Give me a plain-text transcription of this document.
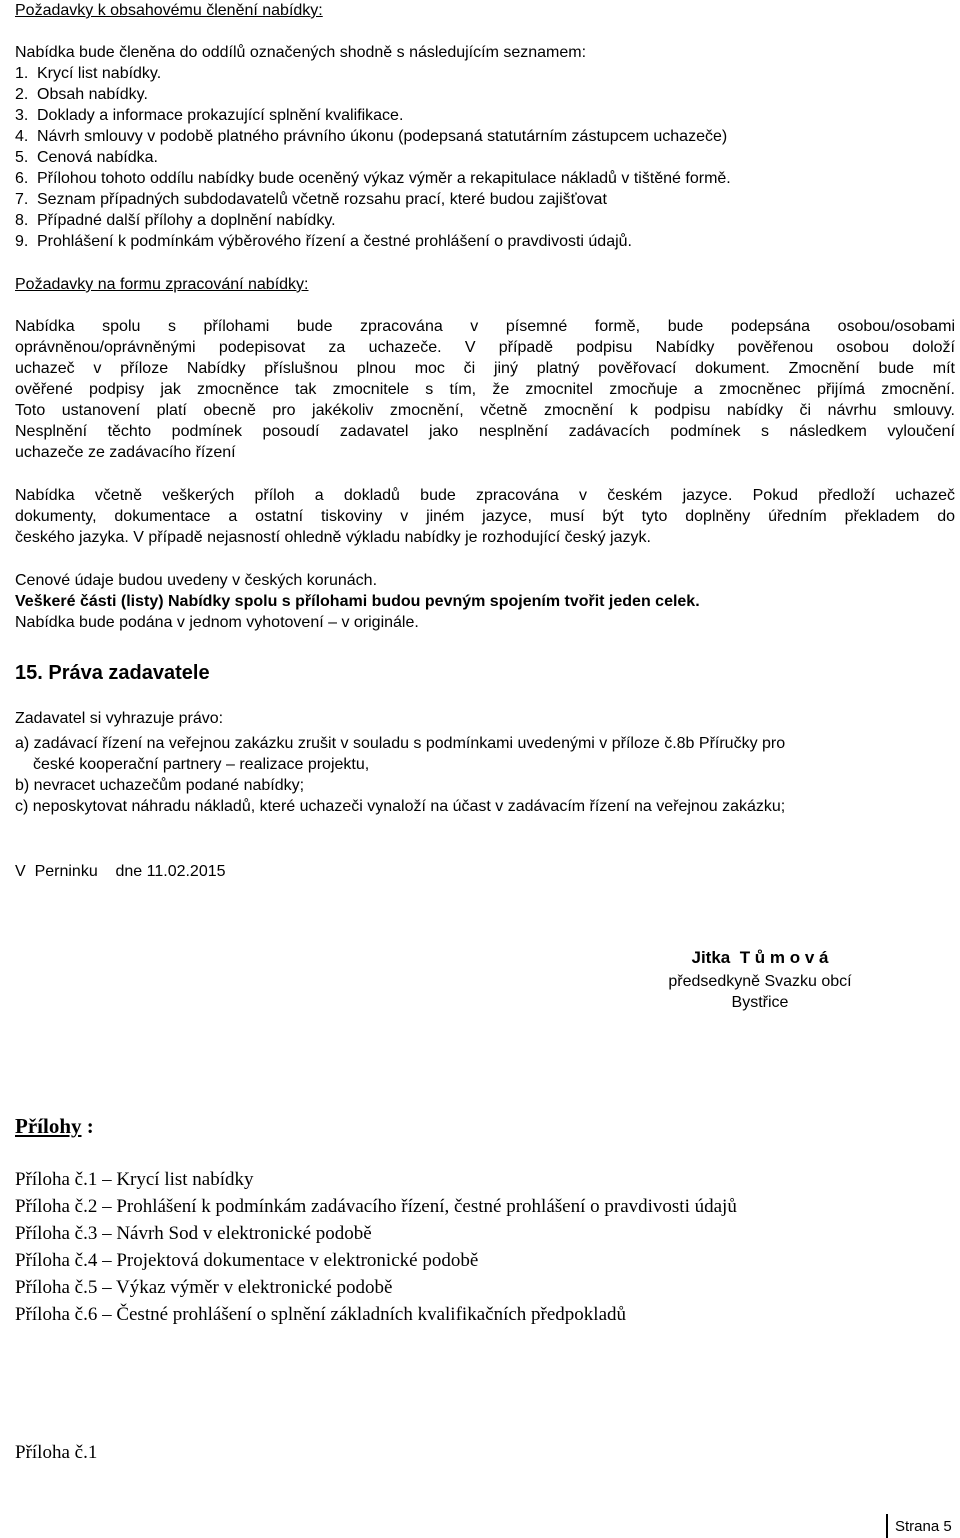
Požadavky k obsahovému členění nabídky:
Nabídka bude členěna do oddílů označených shodně s následujícím seznamem:
1. Krycí list nabídky.
2. Obsah nabídky.
3. Doklady a informace prokazující splnění kvalifikace.
4. Návrh smlouvy v podobě platného právního úkonu (podepsaná statutárním zástupcem uchazeče)
5. Cenová nabídka.
6. Přílohou tohoto oddílu nabídky bude oceněný výkaz výměr a rekapitulace nákladů v tištěné formě.
7. Seznam případných subdodavatelů včetně rozsahu prací, které budou zajišťovat
8. Případné další přílohy a doplnění nabídky.
9. Prohlášení k podmínkám výběrového řízení a čestné prohlášení o pravdivosti údajů.
Požadavky na formu zpracování nabídky:
Nabídka spolu s přílohami bude zpracována v písemné formě, bude podepsána osobou/osobami
oprávněnou/oprávněnými podepisovat za uchazeče. V případě podpisu Nabídky pověřenou osobou doloží
uchazeč v příloze Nabídky příslušnou plnou moc či jiný platný pověřovací dokument. Zmocnění bude mít
ověřené podpisy jak zmocněnce tak zmocnitele s tím, že zmocnitel zmocňuje a zmocněnec přijímá zmocnění.
Toto ustanovení platí obecně pro jakékoliv zmocnění, včetně zmocnění k podpisu nabídky či návrhu smlouvy.
Nesplnění těchto podmínek posoudí zadavatel jako nesplnění zadávacích podmínek s následkem vyloučení
uchazeče ze zadávacího řízení
Nabídka včetně veškerých příloh a dokladů bude zpracována v českém jazyce. Pokud předloží uchazeč
dokumenty, dokumentace a ostatní tiskoviny v jiném jazyce, musí být tyto doplněny úředním překladem do
českého jazyka. V případě nejasností ohledně výkladu nabídky je rozhodující český jazyk.
Cenové údaje budou uvedeny v českých korunách.
Veškeré části (listy) Nabídky spolu s přílohami budou pevným spojením tvořit jeden celek.
Nabídka bude podána v jednom vyhotovení – v originále.
15. Práva zadavatele
Zadavatel si vyhrazuje právo:
a) zadávací řízení na veřejnou zakázku zrušit v souladu s podmínkami uvedenými v příloze č.8b Příručky pro
české kooperační partnery – realizace projektu,
b) nevracet uchazečům podané nabídky;
c) neposkytovat náhradu nákladů, které uchazeči vynaloží na účast v zadávacím řízení na veřejnou zakázku;
V  Perninku    dne 11.02.2015
Jitka  T ů m o v á
předsedkyně Svazku obcí
Bystřice
Přílohy :
Příloha č.1 – Krycí list nabídky
Příloha č.2 – Prohlášení k podmínkám zadávacího řízení, čestné prohlášení o pravdivosti údajů
Příloha č.3 – Návrh Sod v elektronické podobě
Příloha č.4 – Projektová dokumentace v elektronické podobě
Příloha č.5 – Výkaz výměr v elektronické podobě
Příloha č.6 – Čestné prohlášení o splnění základních kvalifikačních předpokladů
Příloha č.1
Strana 5
